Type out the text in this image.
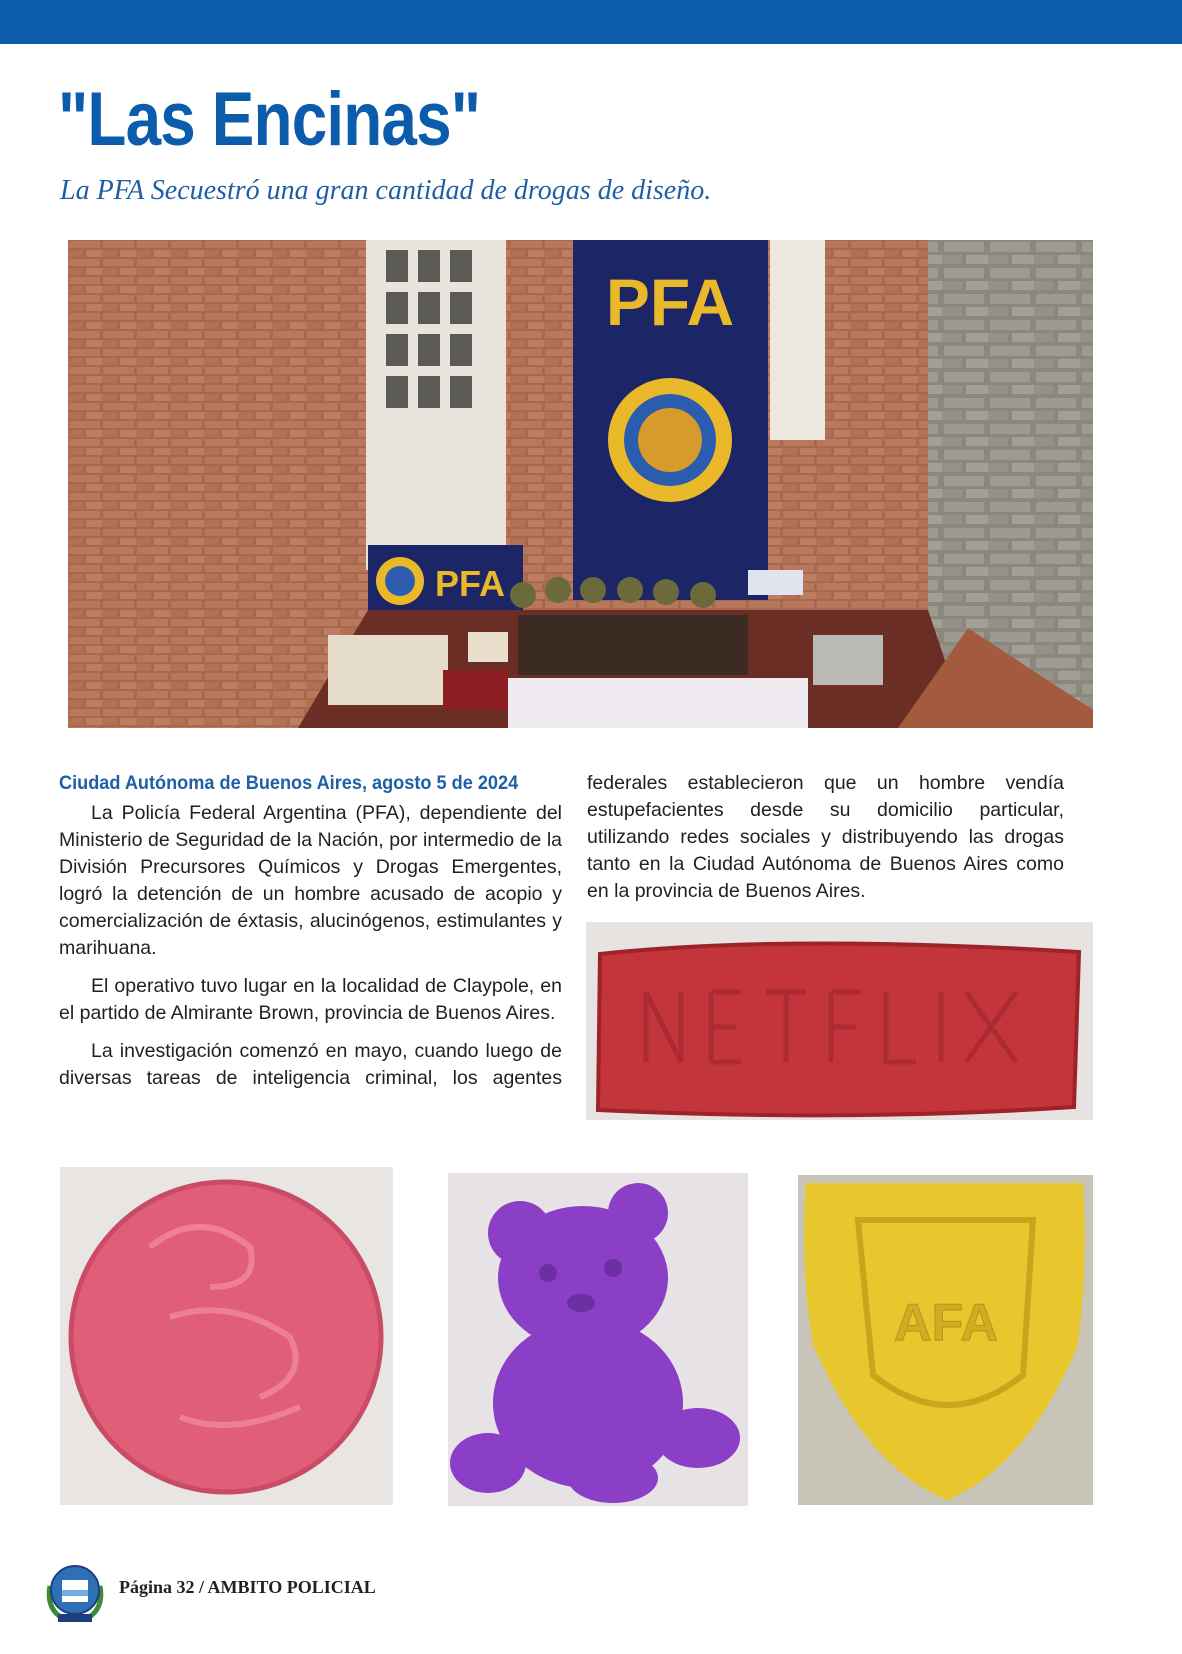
"Las Encinas"
La PFA Secuestró una gran cantidad de drogas de diseño.
PFA
PFA
Ciudad Autónoma de Buenos Aires, agosto 5 de 2024

La Policía Federal Argentina (PFA), dependiente del Ministerio de Seguridad de la Nación, por intermedio de la División Precursores Químicos y Drogas Emergentes, logró la detención de un hombre acusado de acopio y comercialización de éxtasis, alucinógenos, estimulantes y marihuana.

El operativo tuvo lugar en la localidad de Claypole, en el partido de Almirante Brown, provincia de Buenos Aires.

La investigación comenzó en mayo, cuando luego de diversas tareas de inteligencia criminal, los agentes

federales establecieron que un hombre vendía estupefacientes desde su domicilio particular, utilizando redes sociales y distribuyendo las drogas tanto en la Ciudad Autónoma de Buenos Aires como en la provincia de Buenos Aires.

AFA
Página 32 / AMBITO POLICIAL
